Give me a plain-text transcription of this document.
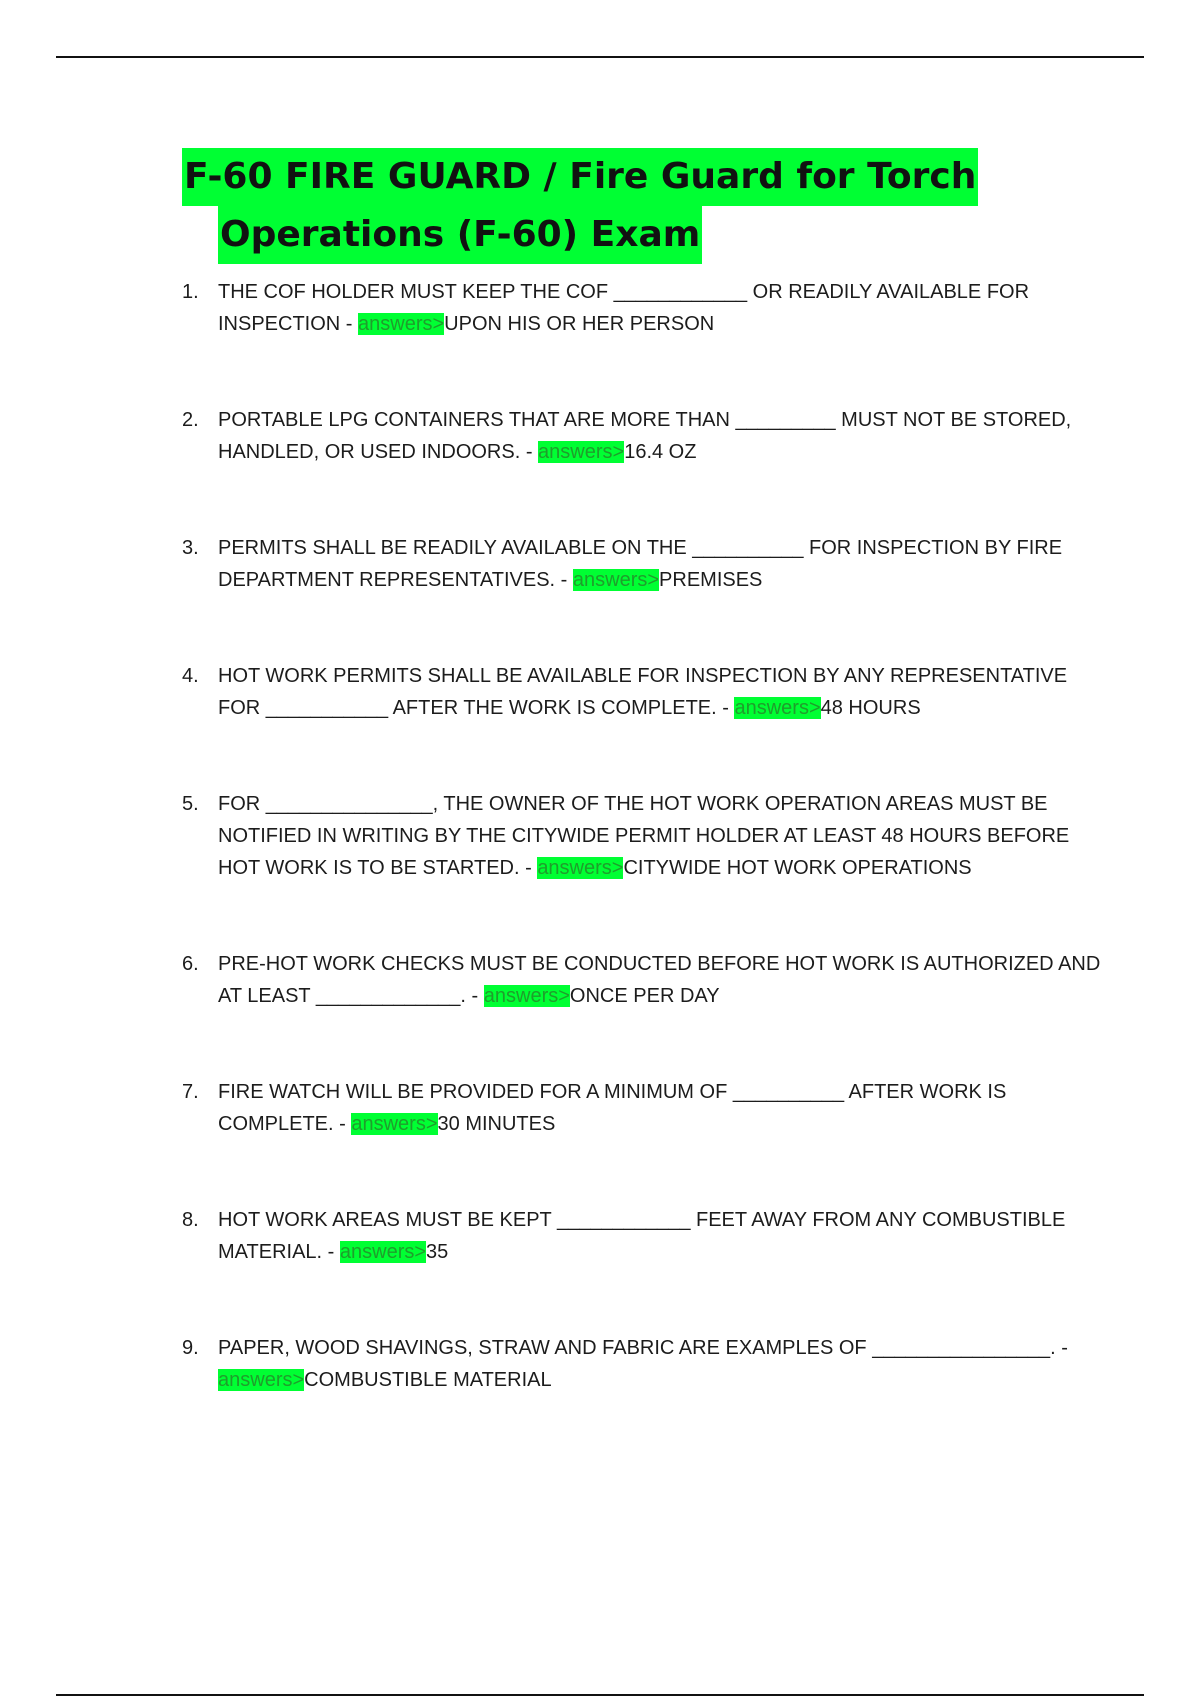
F-60 FIRE GUARD / Fire Guard for Torch
Operations (F-60) Exam
1. THE COF HOLDER MUST KEEP THE COF ____________ OR READILY AVAILABLE FOR INSPECTION - answers>UPON HIS OR HER PERSON
2. PORTABLE LPG CONTAINERS THAT ARE MORE THAN _________ MUST NOT BE STORED, HANDLED, OR USED INDOORS. - answers>16.4 OZ
3. PERMITS SHALL BE READILY AVAILABLE ON THE __________ FOR INSPECTION BY FIRE DEPARTMENT REPRESENTATIVES. - answers>PREMISES
4. HOT WORK PERMITS SHALL BE AVAILABLE FOR INSPECTION BY ANY REPRESENTATIVE FOR ___________ AFTER THE WORK IS COMPLETE. - answers>48 HOURS
5. FOR _______________, THE OWNER OF THE HOT WORK OPERATION AREAS MUST BE NOTIFIED IN WRITING BY THE CITYWIDE PERMIT HOLDER AT LEAST 48 HOURS BEFORE HOT WORK IS TO BE STARTED. - answers>CITYWIDE HOT WORK OPERATIONS
6. PRE-HOT WORK CHECKS MUST BE CONDUCTED BEFORE HOT WORK IS AUTHORIZED AND AT LEAST _____________. - answers>ONCE PER DAY
7. FIRE WATCH WILL BE PROVIDED FOR A MINIMUM OF __________ AFTER WORK IS COMPLETE. - answers>30 MINUTES
8. HOT WORK AREAS MUST BE KEPT ____________ FEET AWAY FROM ANY COMBUSTIBLE MATERIAL. - answers>35
9. PAPER, WOOD SHAVINGS, STRAW AND FABRIC ARE EXAMPLES OF ________________. - answers>COMBUSTIBLE MATERIAL
